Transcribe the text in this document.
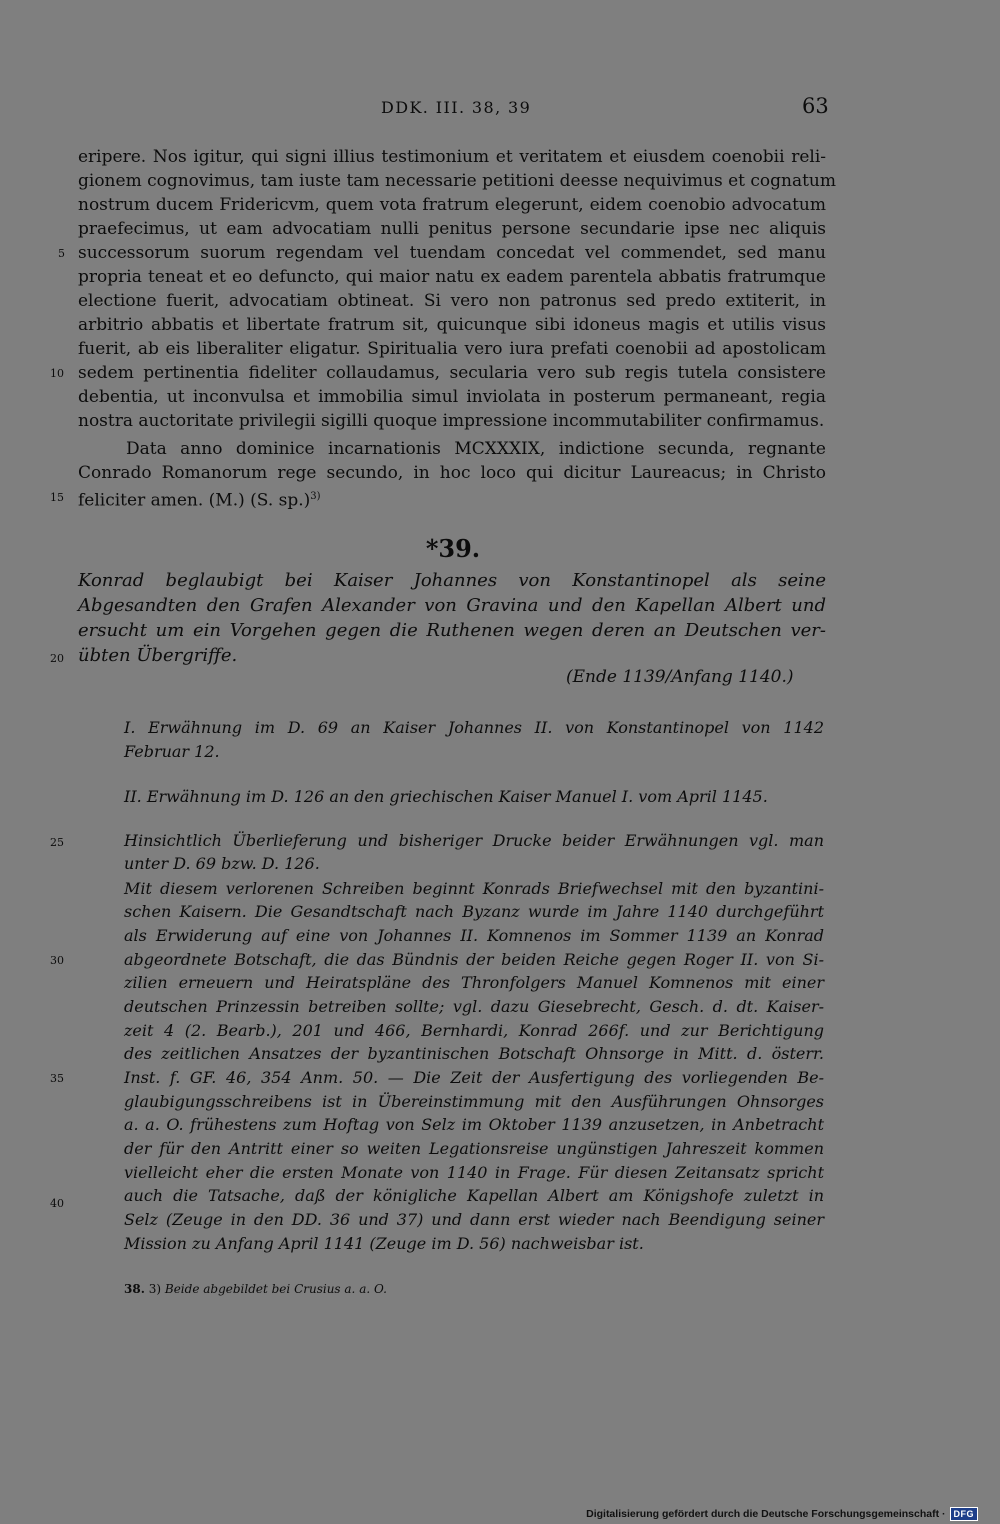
DDK. III. 38, 39	63
eripere. Nos igitur, qui signi illius testimonium et veritatem et eiusdem coenobii reli-
gionem cognovimus, tam iuste tam necessarie petitioni deesse nequivimus et cognatum
nostrum ducem Fridericvm, quem vota fratrum elegerunt, eidem coenobio advocatum
praefecimus, ut eam advocatiam nulli penitus persone secundarie ipse nec aliquis
successorum suorum regendam vel tuendam concedat vel commendet, sed manu
propria teneat et eo defuncto, qui maior natu ex eadem parentela abbatis fratrumque
electione fuerit, advocatiam obtineat. Si vero non patronus sed predo extiterit, in
arbitrio abbatis et libertate fratrum sit, quicunque sibi idoneus magis et utilis visus
fuerit, ab eis liberaliter eligatur. Spiritualia vero iura prefati coenobii ad apostolicam
sedem pertinentia fideliter collaudamus, secularia vero sub regis tutela consistere
debentia, ut inconvulsa et immobilia simul inviolata in posterum permaneant, regia
nostra auctoritate privilegii sigilli quoque impressione incommutabiliter confirmamus.
Data anno dominice incarnationis MCXXXIX, indictione secunda, regnante
Conrado Romanorum rege secundo, in hoc loco qui dicitur Laureacus; in Christo
feliciter amen. (M.) (S. sp.)$^{3)}$
5
10
15
20
25
30
35
40
*39.
Konrad beglaubigt bei Kaiser Johannes von Konstantinopel als seine
Abgesandten den Grafen Alexander von Gravina und den Kapellan Albert und
ersucht um ein Vorgehen gegen die Ruthenen wegen deren an Deutschen ver-
übten Übergriffe.
(Ende 1139/Anfang 1140.)
I. Erwähnung im D. 69 an Kaiser Johannes II. von Konstantinopel von 1142
Februar 12.
II. Erwähnung im D. 126 an den griechischen Kaiser Manuel I. vom April 1145.
Hinsichtlich Überlieferung und bisheriger Drucke beider Erwähnungen vgl. man
unter D. 69 bzw. D. 126.
Mit diesem verlorenen Schreiben beginnt Konrads Briefwechsel mit den byzantini-
schen Kaisern. Die Gesandtschaft nach Byzanz wurde im Jahre 1140 durchgeführt
als Erwiderung auf eine von Johannes II. Komnenos im Sommer 1139 an Konrad
abgeordnete Botschaft, die das Bündnis der beiden Reiche gegen Roger II. von Si-
zilien erneuern und Heiratspläne des Thronfolgers Manuel Komnenos mit einer
deutschen Prinzessin betreiben sollte; vgl. dazu Giesebrecht, Gesch. d. dt. Kaiser-
zeit 4 (2. Bearb.), 201 und 466, Bernhardi, Konrad 266f. und zur Berichtigung
des zeitlichen Ansatzes der byzantinischen Botschaft Ohnsorge in Mitt. d. österr.
Inst. f. GF. 46, 354 Anm. 50. — Die Zeit der Ausfertigung des vorliegenden Be-
glaubigungsschreibens ist in Übereinstimmung mit den Ausführungen Ohnsorges
a. a. O. frühestens zum Hoftag von Selz im Oktober 1139 anzusetzen, in Anbetracht
der für den Antritt einer so weiten Legationsreise ungünstigen Jahreszeit kommen
vielleicht eher die ersten Monate von 1140 in Frage. Für diesen Zeitansatz spricht
auch die Tatsache, daß der königliche Kapellan Albert am Königshofe zuletzt in
Selz (Zeuge in den DD. 36 und 37) und dann erst wieder nach Beendigung seiner
Mission zu Anfang April 1141 (Zeuge im D. 56) nachweisbar ist.
38. 3) Beide abgebildet bei Crusius a. a. O.
Digitalisierung gefördert durch die Deutsche Forschungsgemeinschaft · DFG
